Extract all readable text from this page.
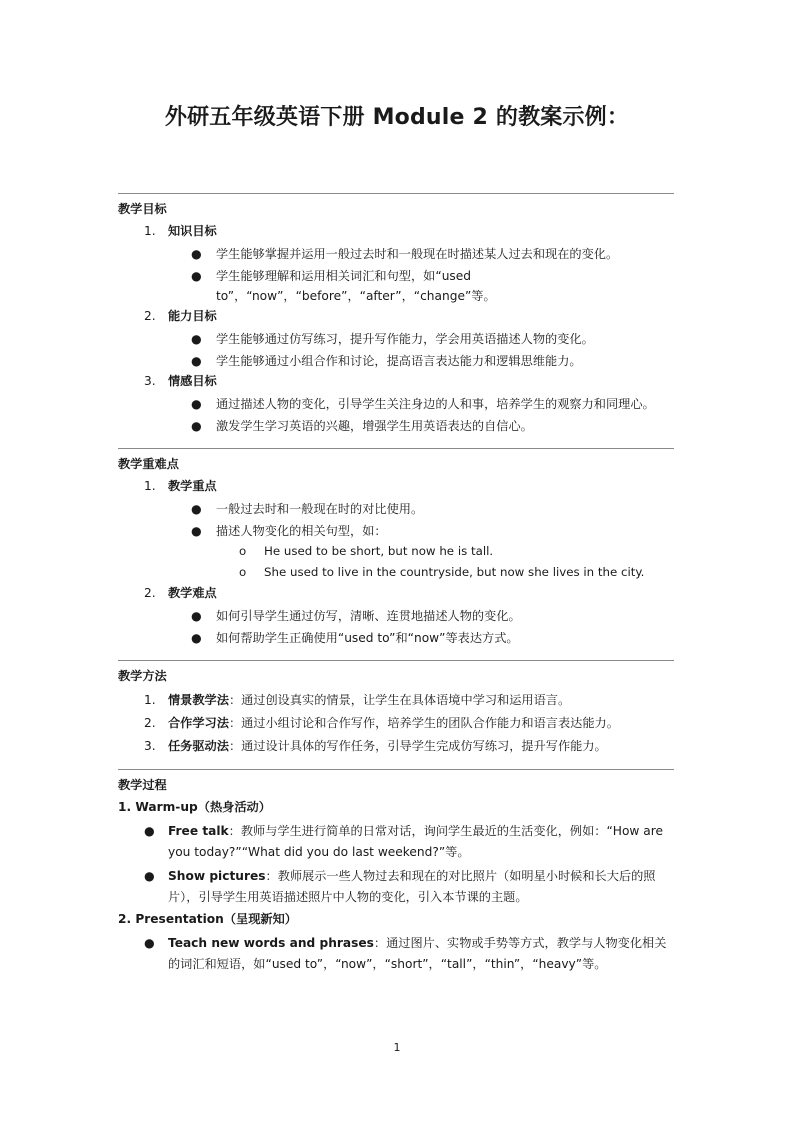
外研五年级英语下册 Module 2 的教案示例：
教学目标
1. 知识目标
● 学生能够掌握并运用一般过去时和一般现在时描述某人过去和现在的变化。
● 学生能够理解和运用相关词汇和句型，如“used to”，“now”，“before”，“after”，“change”等。
2. 能力目标
● 学生能够通过仿写练习，提升写作能力，学会用英语描述人物的变化。
● 学生能够通过小组合作和讨论，提高语言表达能力和逻辑思维能力。
3. 情感目标
● 通过描述人物的变化，引导学生关注身边的人和事，培养学生的观察力和同理心。
● 激发学生学习英语的兴趣，增强学生用英语表达的自信心。
教学重难点
1. 教学重点
● 一般过去时和一般现在时的对比使用。
● 描述人物变化的相关句型，如：
o He used to be short, but now he is tall.
o She used to live in the countryside, but now she lives in the city.
2. 教学难点
● 如何引导学生通过仿写，清晰、连贯地描述人物的变化。
● 如何帮助学生正确使用“used to”和“now”等表达方式。
教学方法
1. 情景教学法：通过创设真实的情景，让学生在具体语境中学习和运用语言。
2. 合作学习法：通过小组讨论和合作写作，培养学生的团队合作能力和语言表达能力。
3. 任务驱动法：通过设计具体的写作任务，引导学生完成仿写练习，提升写作能力。
教学过程
1. Warm-up（热身活动）
● Free talk：教师与学生进行简单的日常对话，询问学生最近的生活变化，例如：“How are you today?”“What did you do last weekend?”等。
● Show pictures：教师展示一些人物过去和现在的对比照片（如明星小时候和长大后的照片），引导学生用英语描述照片中人物的变化，引入本节课的主题。
2. Presentation（呈现新知）
● Teach new words and phrases：通过图片、实物或手势等方式，教学与人物变化相关的词汇和短语，如“used to”，“now”，“short”，“tall”，“thin”，“heavy”等。
1
